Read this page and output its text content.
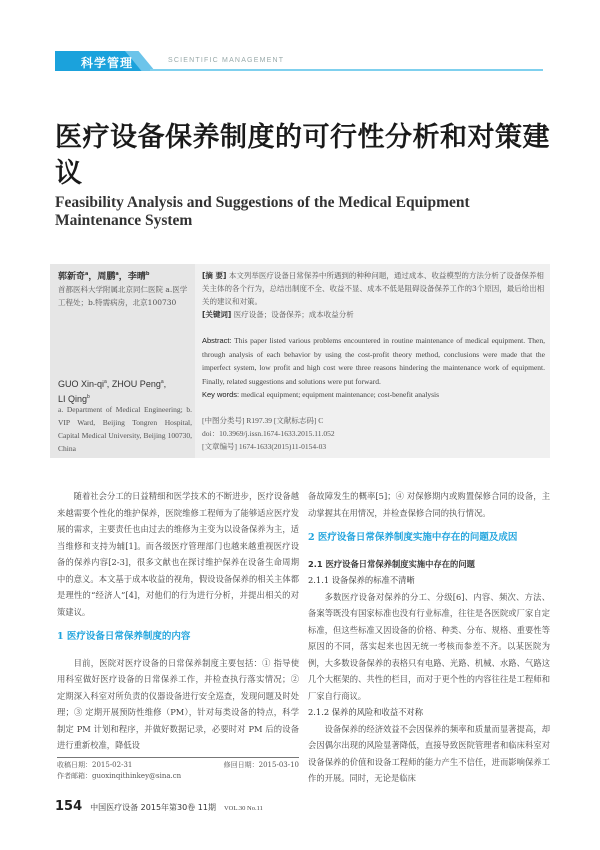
科学管理	SCIENTIFIC MANAGEMENT
医疗设备保养制度的可行性分析和对策建议
Feasibility Analysis and Suggestions of the Medical Equipment Maintenance System
郭新奇$^a$，周鹏$^a$，李晴$^b$
首都医科大学附属北京同仁医院 a.医学工程处；b.特需病房，北京100730
GUO Xin-$qi^a$, ZHOU Peng$^a$,
LI Qing$^b$
a. Department of Medical Engineering; b. VIP Ward, Beijing Tongren Hospital, Capital Medical University, Beijing 100730, China
[摘 要] 本文列举医疗设备日常保养中所遇到的种种问题，通过成本、收益模型的方法分析了设备保养相关主体的各个行为，总结出制度不全、收益不显、成本不低是阻碍设备保养工作的3个原因，最后给出相关的建议和对策。
[关键词] 医疗设备；设备保养；成本收益分析
Abstract: This paper listed various problems encountered in routine maintenance of medical equipment. Then, through analysis of each behavior by using the cost-profit theory method, conclusions were made that the imperfect system, low profit and high cost were three reasons hindering the maintenance work of equipment. Finally, related suggestions and solutions were put forward.
Key words: medical equipment; equipment maintenance; cost-benefit analysis
[中图分类号] R197.39 [文献标志码] C
doi：10.3969/j.issn.1674-1633.2015.11.052
[文章编号] 1674-1633(2015)11-0154-03

随着社会分工的日益精细和医学技术的不断进步，医疗设备越来越需要个性化的维护保养，医院维修工程师为了能够适应医疗发展的需求，主要责任也由过去的维修为主变为以设备保养为主，适当维修和支持为辅[1]。而各级医疗管理部门也越来越重视医疗设备的保养内容[2-3]，很多文献也在探讨维护保养在设备生命周期中的意义。本文基于成本收益的视角，假设设备保养的相关主体都是理性的“经济人”[4]，对他们的行为进行分析，并提出相关的对策建议。

1 医疗设备日常保养制度的内容

目前，医院对医疗设备的日常保养制度主要包括：① 指导使用科室做好医疗设备的日常保养工作，并检查执行落实情况；② 定期深入科室对所负责的仪器设备进行安全巡查，发现问题及时处理；③ 定期开展预防性维修（PM），针对每类设备的特点，科学制定 PM 计划和程序，并做好数据记录，必要时对 PM 后的设备进行重新校准，降低设

收稿日期：2015-02-31	修回日期：2015-03-10
作者邮箱：guoxinqithinkey@sina.cn

备故障发生的概率[5]；④ 对保修期内或购置保修合同的设备，主动掌握其在用情况，并检查保修合同的执行情况。

2 医疗设备日常保养制度实施中存在的问题及成因
2.1 医疗设备日常保养制度实施中存在的问题
2.1.1 设备保养的标准不清晰

多数医疗设备对保养的分工、分级[6]、内容、频次、方法、备案等既没有国家标准也没有行业标准，往往是各医院或厂家自定标准，但这些标准又因设备的价格、种类、分布、规格、重要性等原因的不同，落实起来也因无统一考核而参差不齐。以某医院为例，大多数设备保养的表格只有电路、光路、机械、水路、气路这几个大框架的、共性的栏目，而对于更个性的内容往往是工程师和厂家自行商议。

2.1.2 保养的风险和收益不对称

设备保养的经济效益不会因保养的频率和质量而显著提高，却会因偶尔出现的风险显著降低，直接导致医院管理者和临床科室对设备保养的价值和设备工程师的能力产生不信任，进而影响保养工作的开展。同时，无论是临床

154 中国医疗设备 2015年第30卷 11期 VOL.30 No.11
